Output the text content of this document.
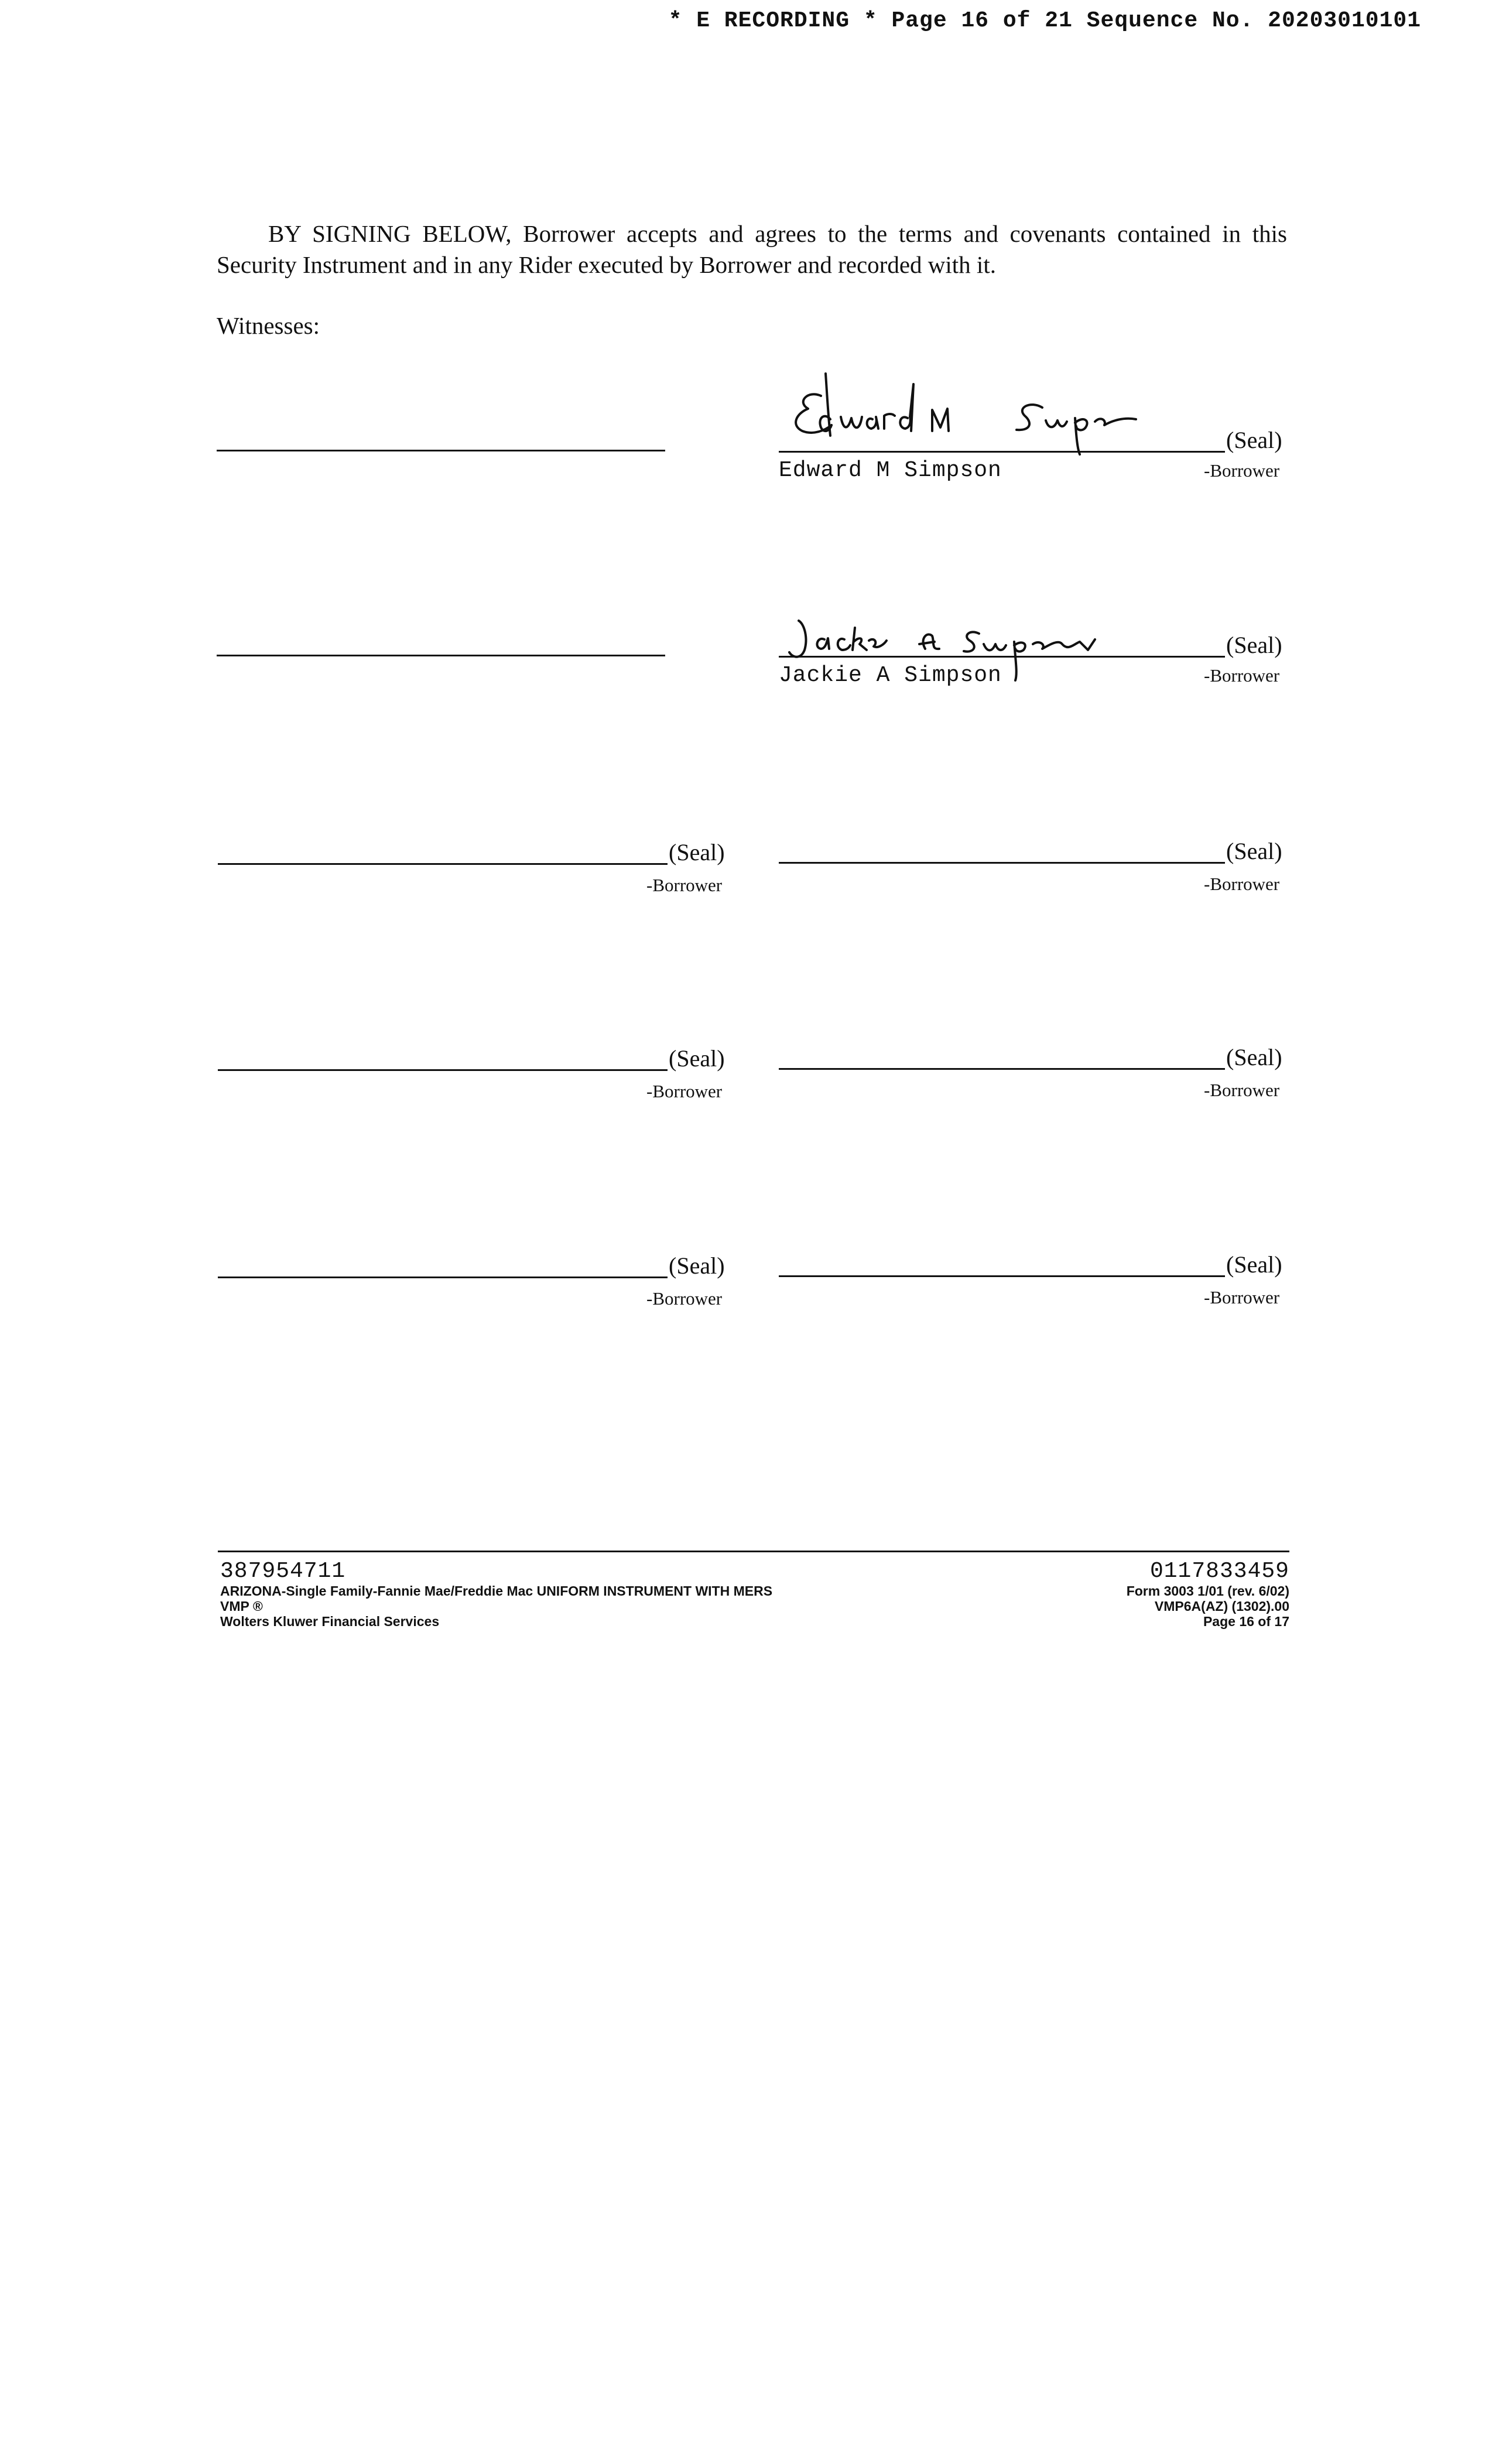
* E RECORDING * Page 16 of 21 Sequence No. 20203010101
BY SIGNING BELOW, Borrower accepts and agrees to the terms and covenants contained in this Security Instrument and in any Rider executed by Borrower and recorded with it.
Witnesses:
(Seal)
Edward M Simpson	-Borrower
(Seal)
Jackie A Simpson	-Borrower
(Seal)
-Borrower
(Seal)
-Borrower
(Seal)
-Borrower
(Seal)
-Borrower
(Seal)
-Borrower
(Seal)
-Borrower
387954711
ARIZONA-Single Family-Fannie Mae/Freddie Mac UNIFORM INSTRUMENT WITH MERS
VMP ®
Wolters Kluwer Financial Services
0117833459
Form 3003 1/01 (rev. 6/02)
VMP6A(AZ) (1302).00
Page 16 of 17
